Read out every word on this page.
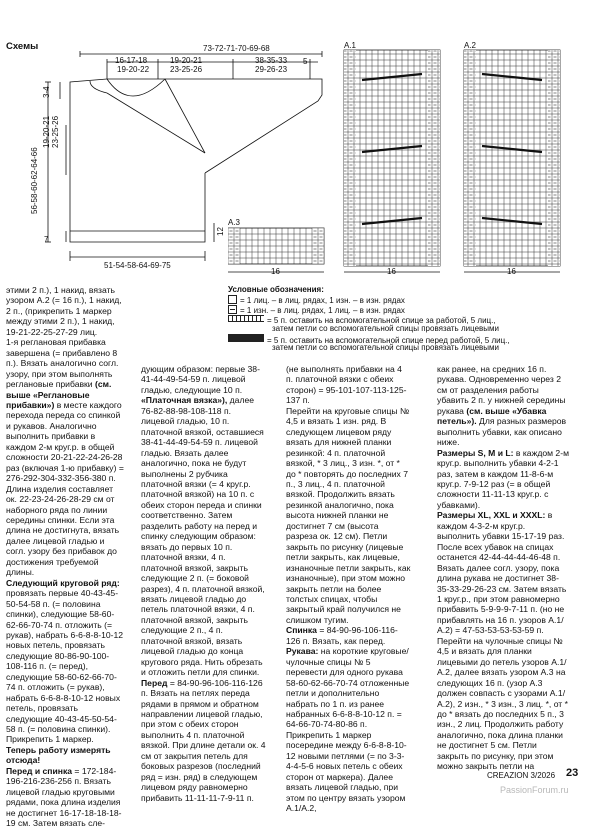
Схемы	73-72-71-70-69-68
5
16-17-18
19-20-22
19-20-21
23-25-26
38-35-33
29-26-23
3-4
19-20-21 23-25-26
56-58-60-62-64-66
7
12
51-54-58-64-69-75
A.1	A.2
A.3
16	16	16
Условные обозначения:
= 1 лиц. – в лиц. рядах, 1 изн. – в изн. рядах
= 1 изн. – в лиц. рядах, 1 лиц. – в изн. рядах
= 5 п. оставить на вспомогательной спице за работой, 5 лиц.,
затем петли со вспомогательной спицы провязать лицевыми
= 5 п. оставить на вспомогательной спице перед работой, 5 лиц.,
затем петли со вспомогательной спицы провязать лицевыми

этими 2 п.), 1 накид, вязать узором А.2 (= 16 п.), 1 накид, 2 п., (прикрепить 1 маркер между этими 2 п.), 1 накид, 19-21-22-25-27-29 лиц.

1-я реглановая прибавка завершена (= прибавлено 8 п.). Вязать аналогично согл. узору, при этом выполнять реглановые прибавки (см. выше «Реглановые прибавки») в месте каждого перехода переда со спинкой и рукавов. Аналогично выполнить прибавки в каждом 2-м круг.р. в общей сложности 20-21-22-24-26-28 раз (включая 1-ю прибавку) = 276-292-304-332-356-380 п. Длина изделия составляет ок. 22-23-24-26-28-29 см от наборного ряда по линии середины спинки. Если эта длина не достигнута, вязать далее лицевой гладью и согл. узору без прибавок до достижения требуемой длины.

Следующий круговой ряд:

провязать первые 40-43-45-50-54-58 п. (= половина спинки), следующие 58-60-62-66-70-74 п. отложить (= рукав), набрать 6-6-8-8-10-12 новых петель, провязать следующие 80-86-90-100-108-116 п. (= перед), следующие 58-60-62-66-70-74 п. отложить (= рукав), набрать 6-6-8-8-10-12 новых петель, провязать следующие 40-43-45-50-54-58 п. (= половина спинки). Прикрепить 1 маркер.

Теперь работу измерять отсюда!

Перед и спинка = 172-184-196-216-236-256 п. Вязать лицевой гладью круговыми рядами, пока длина изделия не достигнет 16-17-18-18-18-19 см. Затем вязать сле-

дующим образом: первые 38-41-44-49-54-59 п. лицевой гладью, следующие 10 п. «Платочная вязка»), далее 76-82-88-98-108-118 п. лицевой гладью, 10 п. платочной вязкой, оставшиеся 38-41-44-49-54-59 п. лицевой гладью. Вязать далее аналогично, пока не будут выполнены 2 рубчика платочной вязки (= 4 круг.р. платочной вязкой) на 10 п. с обеих сторон переда и спинки соответственно. Затем разделить работу на перед и спинку следующим образом: вязать до первых 10 п. платочной вязки, 4 п. платочной вязкой, закрыть следующие 2 п. (= боковой разрез), 4 п. платочной вязкой, вязать лицевой гладью до петель платочной вязки, 4 п. платочной вязкой, закрыть следующие 2 п., 4 п. платочной вязкой, вязать лицевой гладью до конца кругового ряда. Нить обрезать и отложить петли для спинки.

Перед = 84-90-96-106-116-126 п. Вязать на петлях переда рядами в прямом и обратном направлении лицевой гладью, при этом с обеих сторон выполнить 4 п. платочной вязкой. При длине детали ок. 4 см от закрытия петель для боковых разрезов (последний ряд = изн. ряд) в следующем лицевом ряду равномерно прибавить 11-11-11-7-9-11 п.

(не выполнять прибавки на 4 п. платочной вязки с обеих сторон) = 95-101-107-113-125-137 п.

Перейти на круговые спицы № 4,5 и вязать 1 изн. ряд. В следующем лицевом ряду вязать для нижней планки резинкой: 4 п. платочной вязкой, * 3 лиц., 3 изн. *, от * до * повторять до последних 7 п., 3 лиц., 4 п. платочной вязкой. Продолжить вязать резинкой аналогично, пока высота нижней планки не достигнет 7 см (высота разреза ок. 12 см). Петли закрыть по рисунку (лицевые петли закрыть, как лицевые, изнаночные петли закрыть, как изнаночные), при этом можно закрыть петли на более толстых спицах, чтобы закрытый край получился не слишком тугим.

Спинка = 84-90-96-106-116-126 п. Вязать, как перед.

Рукава: на короткие круговые/чулочные спицы № 5 перевести для одного рукава 58-60-62-66-70-74 отложенные петли и дополнительно набрать по 1 п. из ранее набранных 6-6-8-8-10-12 п. = 64-66-70-74-80-86 п. Прикрепить 1 маркер посередине между 6-6-8-8-10-12 новыми петлями (= по 3-3-4-4-5-6 новых петель с обеих сторон от маркера). Далее вязать лицевой гладью, при этом по центру вязать узором А.1/А.2,

как ранее, на средних 16 п. рукава. Одновременно через 2 см от разделения работы убавить 2 п. у нижней середины рукава (см. выше «Убавка петель»). Для разных размеров выполнить убавки, как описано ниже.

Размеры S, M и L: в каждом 2-м круг.р. выполнить убавки 4-2-1 раз, затем в каждом 11-8-6-м круг.р. 7-9-12 раз (= в общей сложности 11-11-13 круг.р. с убавками).

Размеры XL, XXL и XXXL: в каждом 4-3-2-м круг.р. выполнить убавки 15-17-19 раз. После всех убавок на спицах останется 42-44-44-44-46-48 п.

Вязать далее согл. узору, пока длина рукава не достигнет 38-35-33-29-26-23 см. Затем вязать 1 круг.р., при этом равномерно прибавить 5-9-9-9-7-11 п. (но не прибавлять на 16 п. узоров А.1/А.2) = 47-53-53-53-53-59 п.

Перейти на чулочные спицы № 4,5 и вязать для планки лицевыми до петель узоров А.1/А.2, далее вязать узором А.3 на следующих 16 п. (узор А.3 должен совпасть с узорами А.1/А.2), 2 изн., * 3 изн., 3 лиц. *, от * до * вязать до последних 5 п., 3 изн., 2 лиц. Продолжить работу аналогично, пока длина планки не достигнет 5 см. Петли закрыть по рисунку, при этом можно закрыть петли на

CREAZION 3/2026 23
PassionForum.ru
